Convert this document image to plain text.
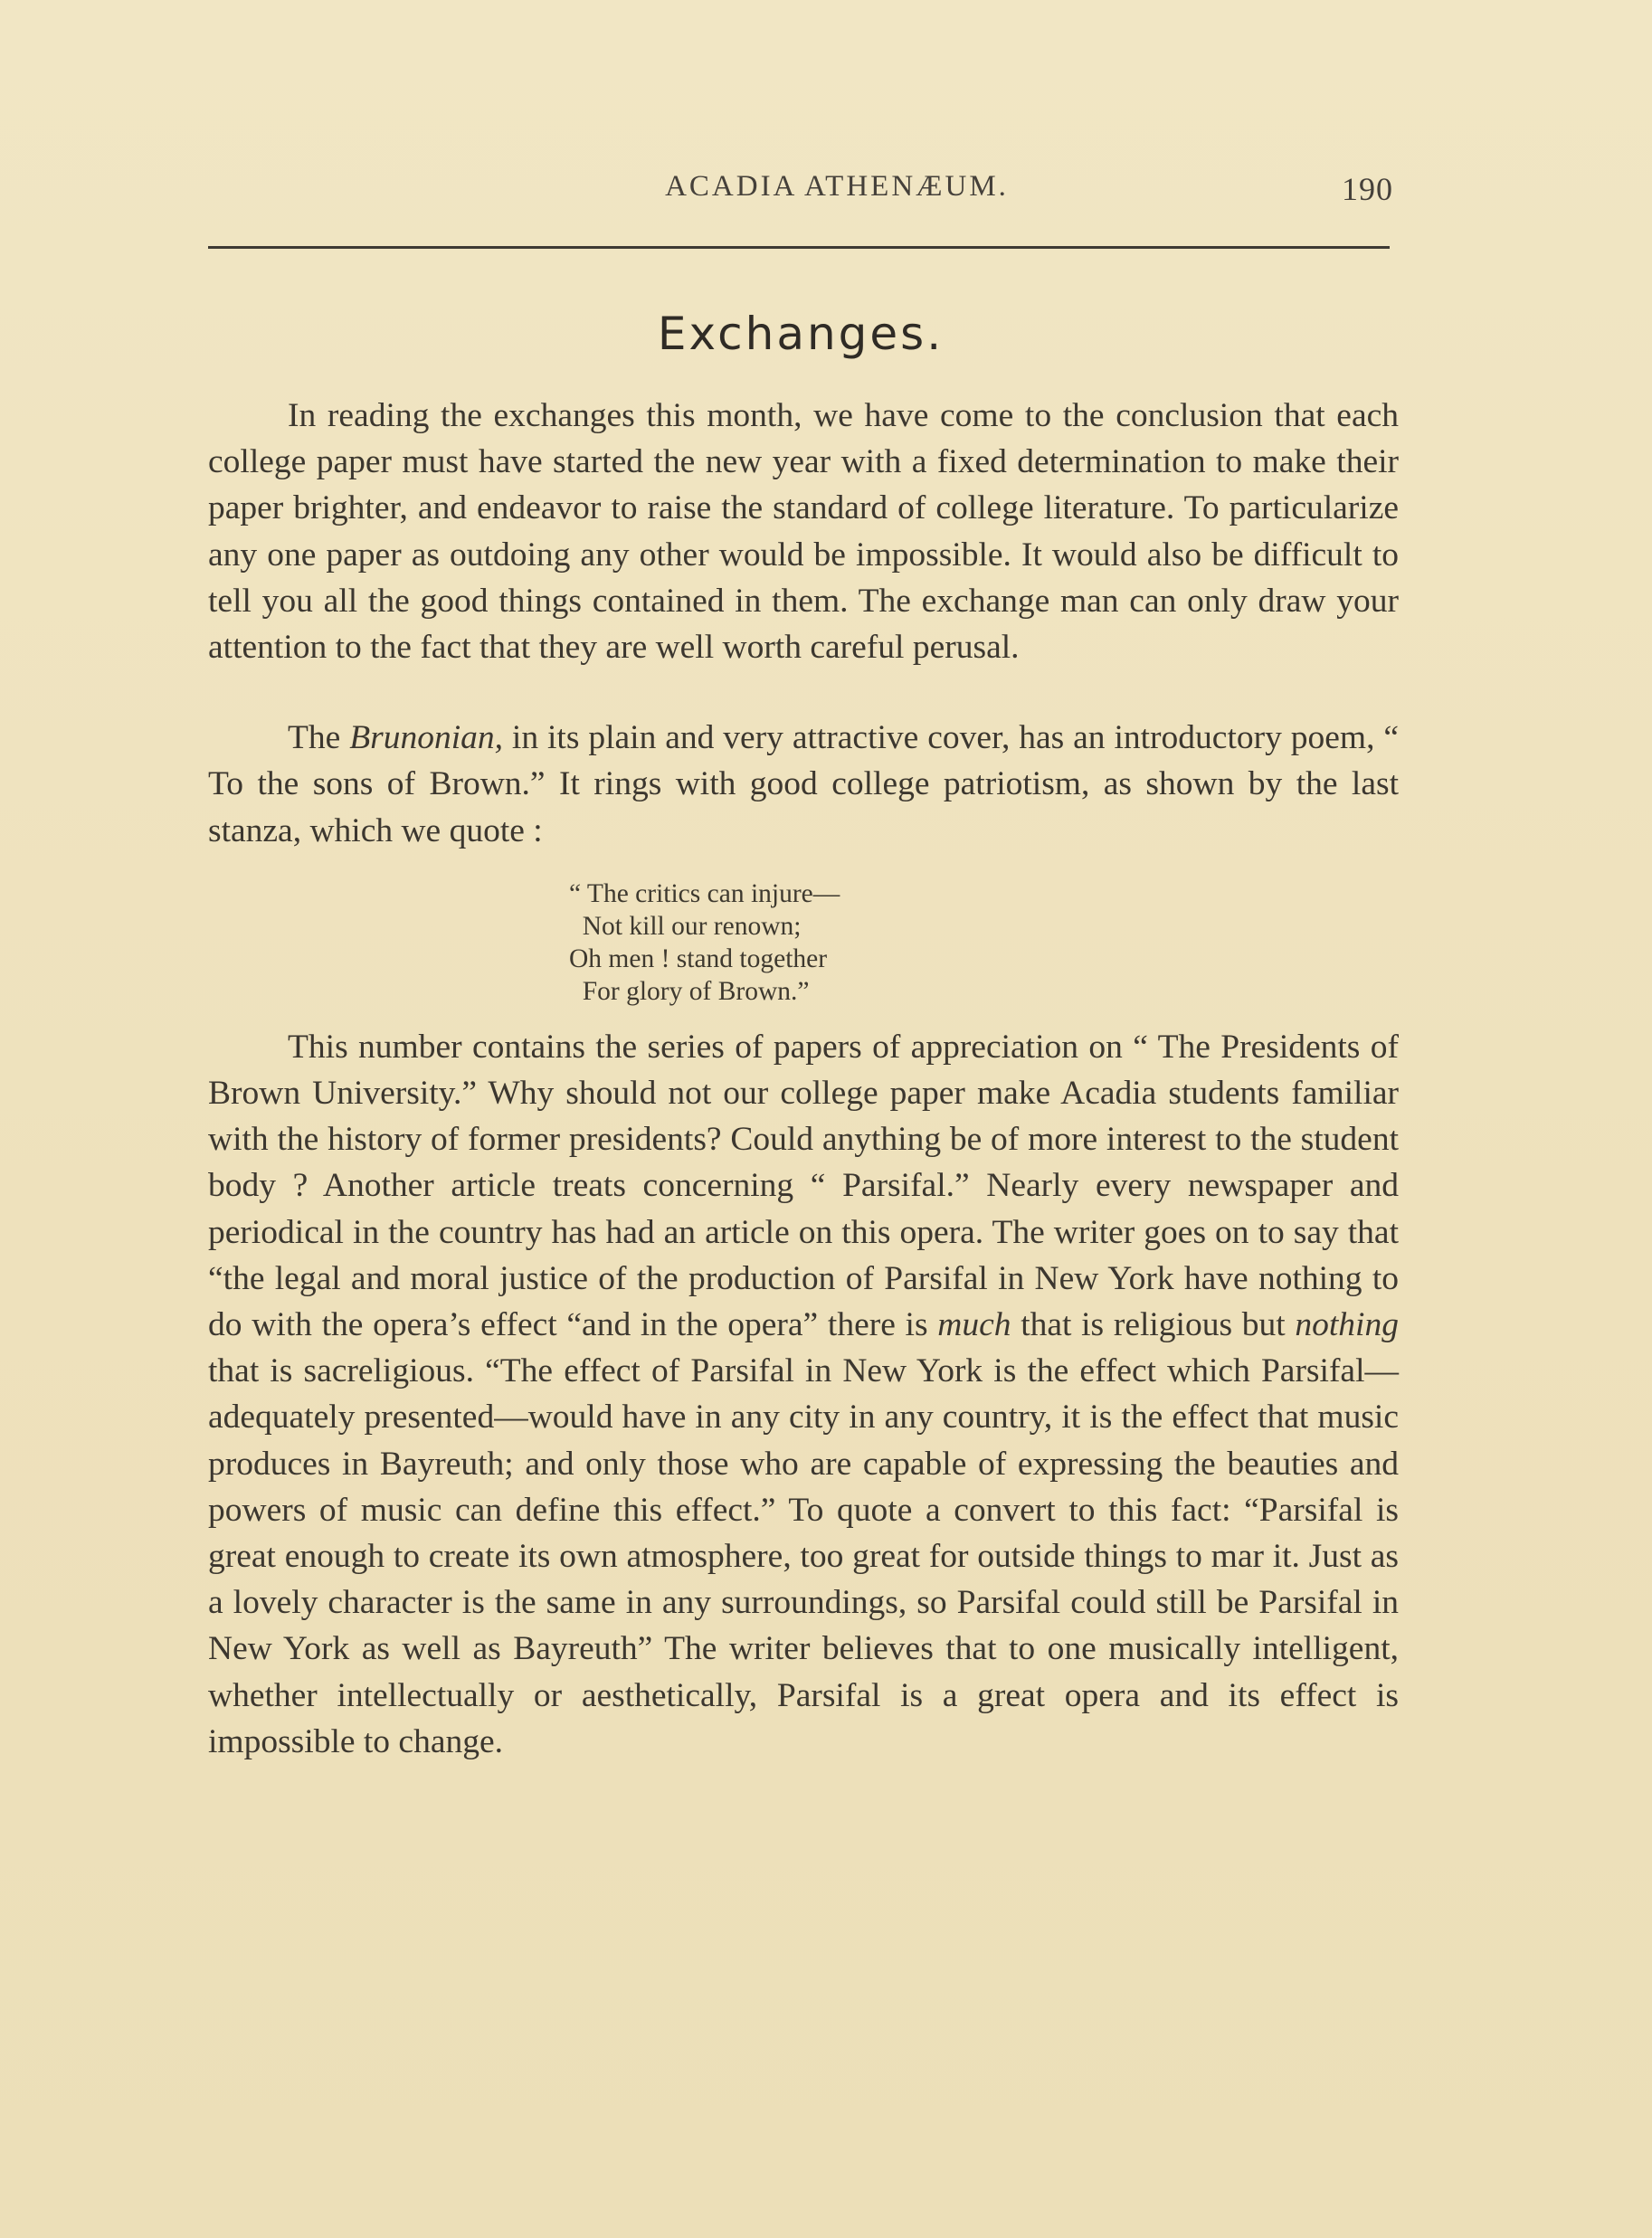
ACADIA ATHENÆUM.	190
Exchanges.

In reading the exchanges this month, we have come to the conclusion that each college paper must have started the new year with a fixed determination to make their paper brighter, and endeavor to raise the standard of college literature. To particularize any one paper as outdoing any other would be impossible. It would also be difficult to tell you all the good things contained in them. The exchange man can only draw your attention to the fact that they are well worth careful perusal.

The Brunonian, in its plain and very attractive cover, has an introductory poem, “ To the sons of Brown.” It rings with good college patriotism, as shown by the last stanza, which we quote :

“ The critics can injure—
Not kill our renown;
Oh men ! stand together
For glory of Brown.”

This number contains the series of papers of appreciation on “ The Presidents of Brown University.” Why should not our college paper make Acadia students familiar with the history of former presidents? Could anything be of more interest to the student body ? Another article treats concerning “ Parsifal.” Nearly every newspaper and periodical in the country has had an article on this opera. The writer goes on to say that “the legal and moral justice of the production of Parsifal in New York have nothing to do with the opera’s effect “and in the opera” there is much that is religious but nothing that is sacreligious. “The effect of Parsifal in New York is the effect which Parsifal—adequately presented—would have in any city in any country, it is the effect that music produces in Bayreuth; and only those who are capable of expressing the beauties and powers of music can define this effect.” To quote a convert to this fact: “Parsifal is great enough to create its own atmosphere, too great for outside things to mar it. Just as a lovely character is the same in any surroundings, so Parsifal could still be Parsifal in New York as well as Bayreuth” The writer believes that to one musically intelligent, whether intellectually or aesthetically, Parsifal is a great opera and its effect is impossible to change.
